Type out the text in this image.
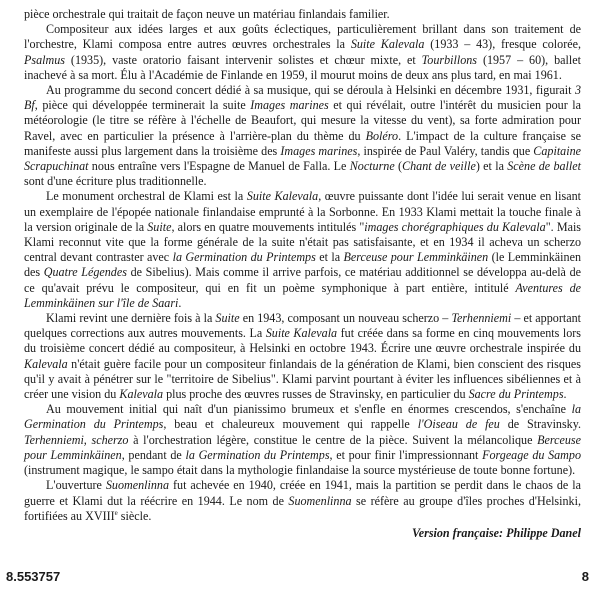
pièce orchestrale qui traitait de façon neuve un matériau finlandais familier.

Compositeur aux idées larges et aux goûts éclectiques, particulièrement brillant dans son traitement de l'orchestre, Klami composa entre autres œuvres orchestrales la Suite Kalevala (1933 – 43), fresque colorée, Psalmus (1935), vaste oratorio faisant intervenir solistes et chœur mixte, et Tourbillons (1957 – 60), ballet inachevé à sa mort. Élu à l'Académie de Finlande en 1959, il mourut moins de deux ans plus tard, en mai 1961.

Au programme du second concert dédié à sa musique, qui se déroula à Helsinki en décembre 1931, figurait 3 Bf, pièce qui développée terminerait la suite Images marines et qui révélait, outre l'intérêt du musicien pour la météorologie (le titre se réfère à l'échelle de Beaufort, qui mesure la vitesse du vent), sa forte admiration pour Ravel, avec en particulier la présence à l'arrière-plan du thème du Boléro. L'impact de la culture française se manifeste aussi plus largement dans la troisième des Images marines, inspirée de Paul Valéry, tandis que Capitaine Scrapuchinat nous entraîne vers l'Espagne de Manuel de Falla. Le Nocturne (Chant de veille) et la Scène de ballet sont d'une écriture plus traditionnelle.

Le monument orchestral de Klami est la Suite Kalevala, œuvre puissante dont l'idée lui serait venue en lisant un exemplaire de l'épopée nationale finlandaise emprunté à la Sorbonne. En 1933 Klami mettait la touche finale à la version originale de la Suite, alors en quatre mouvements intitulés "images chorégraphiques du Kalevala". Mais Klami reconnut vite que la forme générale de la suite n'était pas satisfaisante, et en 1934 il acheva un scherzo central devant contraster avec la Germination du Printemps et la Berceuse pour Lemminkäinen (le Lemminkäinen des Quatre Légendes de Sibelius). Mais comme il arrive parfois, ce matériau additionnel se développa au-delà de ce qu'avait prévu le compositeur, qui en fit un poème symphonique à part entière, intitulé Aventures de Lemminkäinen sur l'île de Saari.

Klami revint une dernière fois à la Suite en 1943, composant un nouveau scherzo – Terhenniemi – et apportant quelques corrections aux autres mouvements. La Suite Kalevala fut créée dans sa forme en cinq mouvements lors du troisième concert dédié au compositeur, à Helsinki en octobre 1943. Écrire une œuvre orchestrale inspirée du Kalevala n'était guère facile pour un compositeur finlandais de la génération de Klami, bien conscient des risques qu'il y avait à pénétrer sur le "territoire de Sibelius". Klami parvint pourtant à éviter les influences sibéliennes et à créer une vision du Kalevala plus proche des œuvres russes de Stravinsky, en particulier du Sacre du Printemps.

Au mouvement initial qui naît d'un pianissimo brumeux et s'enfle en énormes crescendos, s'enchaîne la Germination du Printemps, beau et chaleureux mouvement qui rappelle l'Oiseau de feu de Stravinsky. Terhenniemi, scherzo à l'orchestration légère, constitue le centre de la pièce. Suivent la mélancolique Berceuse pour Lemminkäinen, pendant de la Germination du Printemps, et pour finir l'impressionnant Forgeage du Sampo (instrument magique, le sampo était dans la mythologie finlandaise la source mystérieuse de toute bonne fortune).

L'ouverture Suomenlinna fut achevée en 1940, créée en 1941, mais la partition se perdit dans le chaos de la guerre et Klami dut la réécrire en 1944. Le nom de Suomenlinna se réfère au groupe d'îles proches d'Helsinki, fortifiées au XVIIIe siècle.

Version française: Philippe Danel
8.553757	8
